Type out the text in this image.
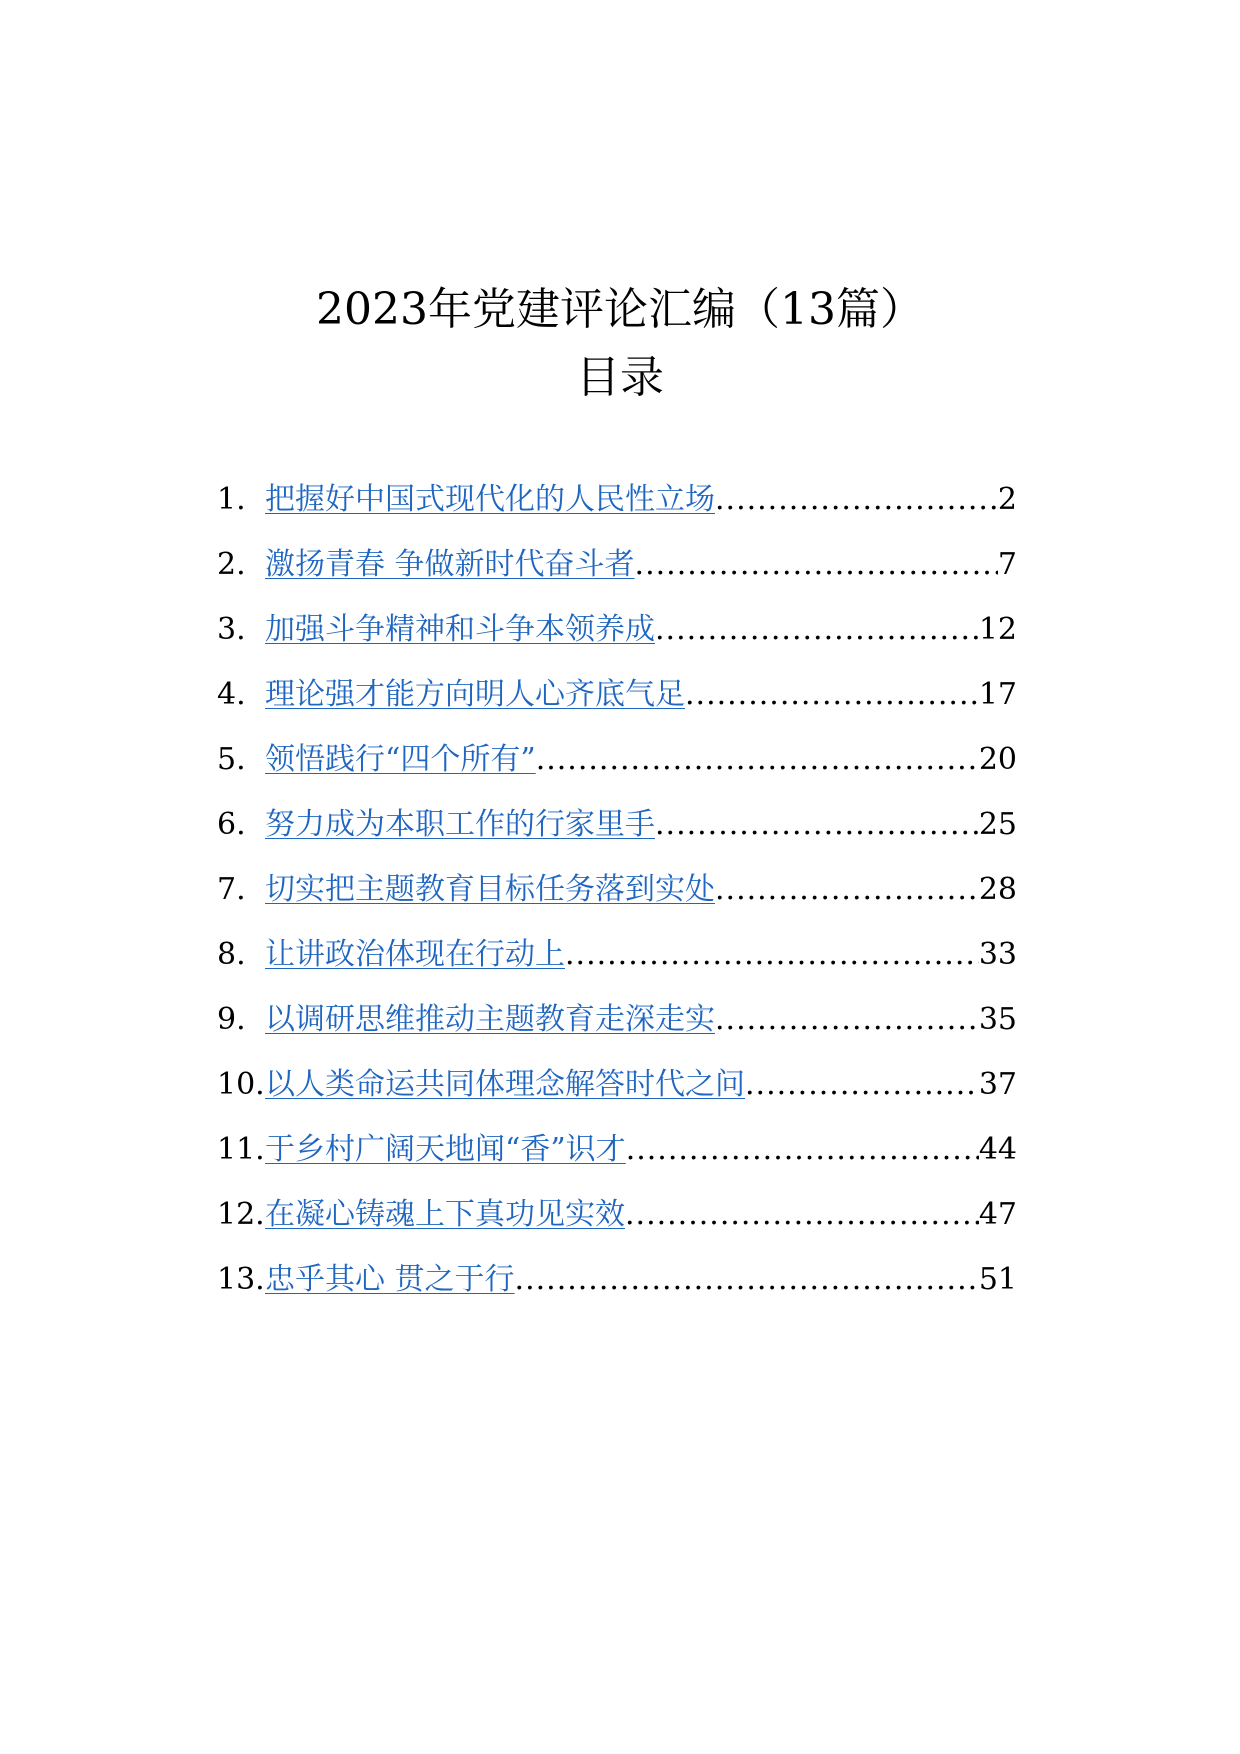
2023年党建评论汇编（13篇）
目录
1. 把握好中国式现代化的人民性立场 .....	2
2. 激扬青春 争做新时代奋斗者 .....	7
3. 加强斗争精神和斗争本领养成 .....	12
4. 理论强才能方向明人心齐底气足 .....	17
5. 领悟践行“四个所有” .....	20
6. 努力成为本职工作的行家里手 .....	25
7. 切实把主题教育目标任务落到实处 .....	28
8. 让讲政治体现在行动上 .....	33
9. 以调研思维推动主题教育走深走实 .....	35
10. 以人类命运共同体理念解答时代之问 .....	37
11. 于乡村广阔天地闻“香”识才 .....	44
12. 在凝心铸魂上下真功见实效 .....	47
13. 忠乎其心 贯之于行 .....	51
